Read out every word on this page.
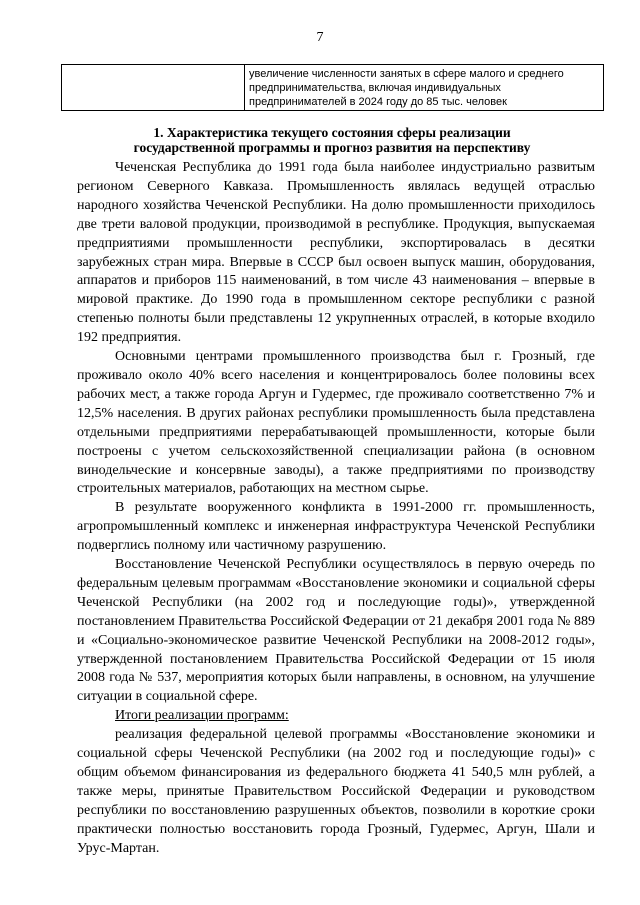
7
	увеличение численности занятых в сфере малого и среднего предпринимательства, включая индивидуальных предпринимателей в 2024 году до 85 тыс. человек
1. Характеристика текущего состояния сферы реализации
государственной программы и прогноз развития на перспективу

Чеченская Республика до 1991 года была наиболее индустриально развитым регионом Северного Кавказа. Промышленность являлась ведущей отраслью народного хозяйства Чеченской Республики. На долю промышленности приходилось две трети валовой продукции, производимой в республике. Продукция, выпускаемая предприятиями промышленности республики, экспортировалась в десятки зарубежных стран мира. Впервые в СССР был освоен выпуск машин, оборудования, аппаратов и приборов 115 наименований, в том числе 43 наименования – впервые в мировой практике. До 1990 года в промышленном секторе республики с разной степенью полноты были представлены 12 укрупненных отраслей, в которые входило 192 предприятия.

Основными центрами промышленного производства был г. Грозный, где проживало около 40% всего населения и концентрировалось более половины всех рабочих мест, а также города Аргун и Гудермес, где проживало соответственно 7% и 12,5% населения. В других районах республики промышленность была представлена отдельными предприятиями перерабатывающей промышленности, которые были построены с учетом сельскохозяйственной специализации района (в основном винодельческие и консервные заводы), а также предприятиями по производству строительных материалов, работающих на местном сырье.

В результате вооруженного конфликта в 1991-2000 гг. промышленность, агропромышленный комплекс и инженерная инфраструктура Чеченской Республики подверглись полному или частичному разрушению.

Восстановление Чеченской Республики осуществлялось в первую очередь по федеральным целевым программам «Восстановление экономики и социальной сферы Чеченской Республики (на 2002 год и последующие годы)», утвержденной постановлением Правительства Российской Федерации от 21 декабря 2001 года № 889 и «Социально-экономическое развитие Чеченской Республики на 2008-2012 годы», утвержденной постановлением Правительства Российской Федерации от 15 июля 2008 года № 537, мероприятия которых были направлены, в основном, на улучшение ситуации в социальной сфере.

Итоги реализации программ:

реализация федеральной целевой программы «Восстановление экономики и социальной сферы Чеченской Республики (на 2002 год и последующие годы)» с общим объемом финансирования из федерального бюджета 41 540,5 млн рублей, а также меры, принятые Правительством Российской Федерации и руководством республики по восстановлению разрушенных объектов, позволили в короткие сроки практически полностью восстановить города Грозный, Гудермес, Аргун, Шали и Урус-Мартан.
